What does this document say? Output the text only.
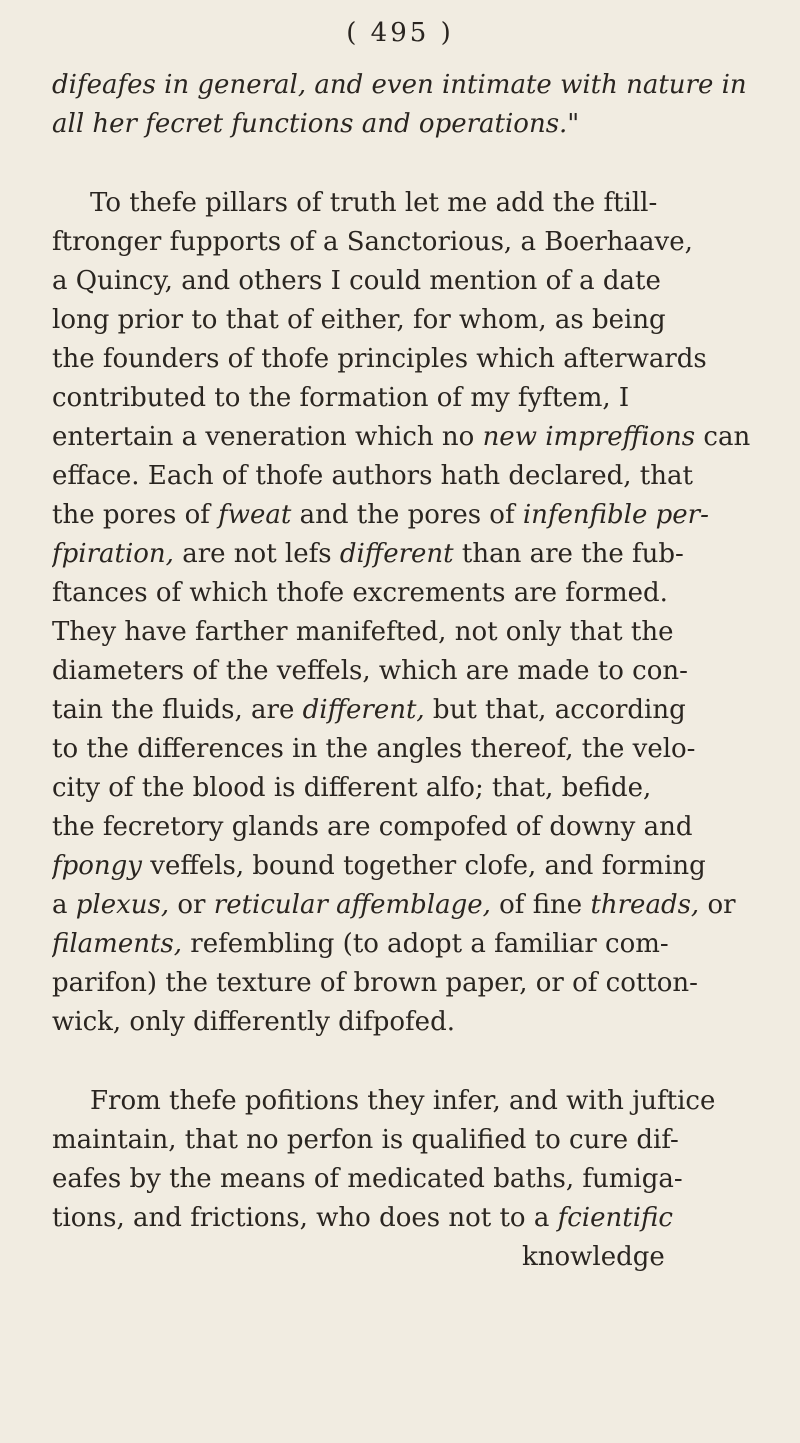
( 495 )
difeafes in general, and even intimate with nature in
all her fecret functions and operations."
To thefe pillars of truth let me add the ftill-
ftronger fupports of a Sanctorious, a Boerhaave,
a Quincy, and others I could mention of a date
long prior to that of either, for whom, as being
the founders of thofe principles which afterwards
contributed to the formation of my fyftem, I
entertain a veneration which no new impreffions can
efface. Each of thofe authors hath declared, that
the pores of fweat and the pores of infenfible per-
fpiration, are not lefs different than are the fub-
ftances of which thofe excrements are formed.
They have farther manifefted, not only that the
diameters of the veffels, which are made to con-
tain the fluids, are different, but that, according
to the differences in the angles thereof, the velo-
city of the blood is different alfo; that, befide,
the fecretory glands are compofed of downy and
fpongy veffels, bound together clofe, and forming
a plexus, or reticular affemblage, of fine threads, or
filaments, refembling (to adopt a familiar com-
parifon) the texture of brown paper, or of cotton-
wick, only differently difpofed.
From thefe pofitions they infer, and with juftice
maintain, that no perfon is qualified to cure dif-
eafes by the means of medicated baths, fumiga-
tions, and frictions, who does not to a fcientific
knowledge
